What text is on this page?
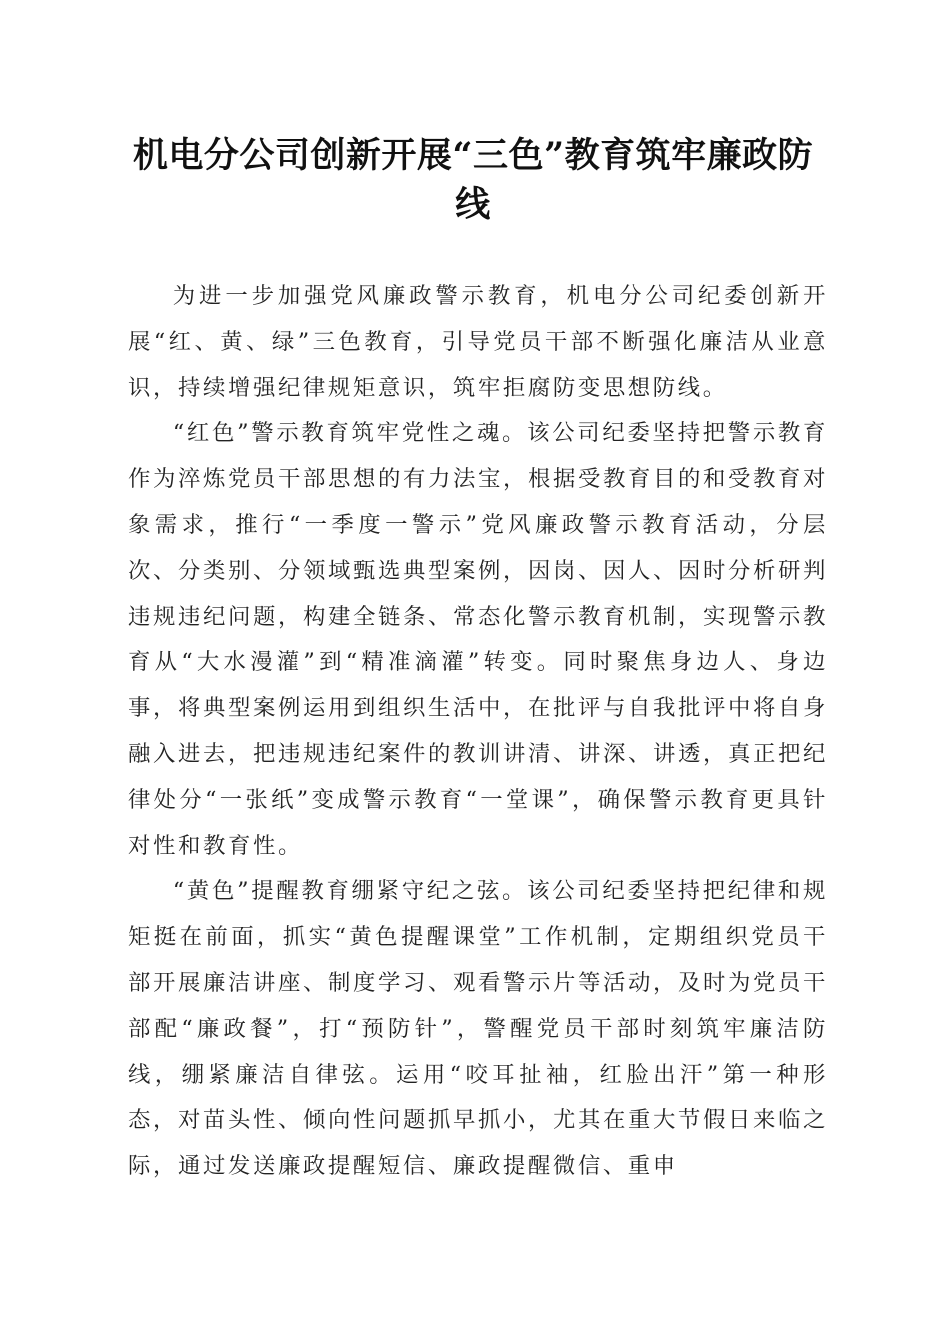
机电分公司创新开展“三色”教育筑牢廉政防线

为进一步加强党风廉政警示教育，机电分公司纪委创新开展“红、黄、绿”三色教育，引导党员干部不断强化廉洁从业意识，持续增强纪律规矩意识，筑牢拒腐防变思想防线。

“红色”警示教育筑牢党性之魂。该公司纪委坚持把警示教育作为淬炼党员干部思想的有力法宝，根据受教育目的和受教育对象需求，推行“一季度一警示”党风廉政警示教育活动，分层次、分类别、分领域甄选典型案例，因岗、因人、因时分析研判违规违纪问题，构建全链条、常态化警示教育机制，实现警示教育从“大水漫灌”到“精准滴灌”转变。同时聚焦身边人、身边事，将典型案例运用到组织生活中，在批评与自我批评中将自身融入进去，把违规违纪案件的教训讲清、讲深、讲透，真正把纪律处分“一张纸”变成警示教育“一堂课”，确保警示教育更具针对性和教育性。

“黄色”提醒教育绷紧守纪之弦。该公司纪委坚持把纪律和规矩挺在前面，抓实“黄色提醒课堂”工作机制，定期组织党员干部开展廉洁讲座、制度学习、观看警示片等活动，及时为党员干部配“廉政餐”，打“预防针”，警醒党员干部时刻筑牢廉洁防线，绷紧廉洁自律弦。运用“咬耳扯袖，红脸出汗”第一种形态，对苗头性、倾向性问题抓早抓小，尤其在重大节假日来临之际，通过发送廉政提醒短信、廉政提醒微信、重申
